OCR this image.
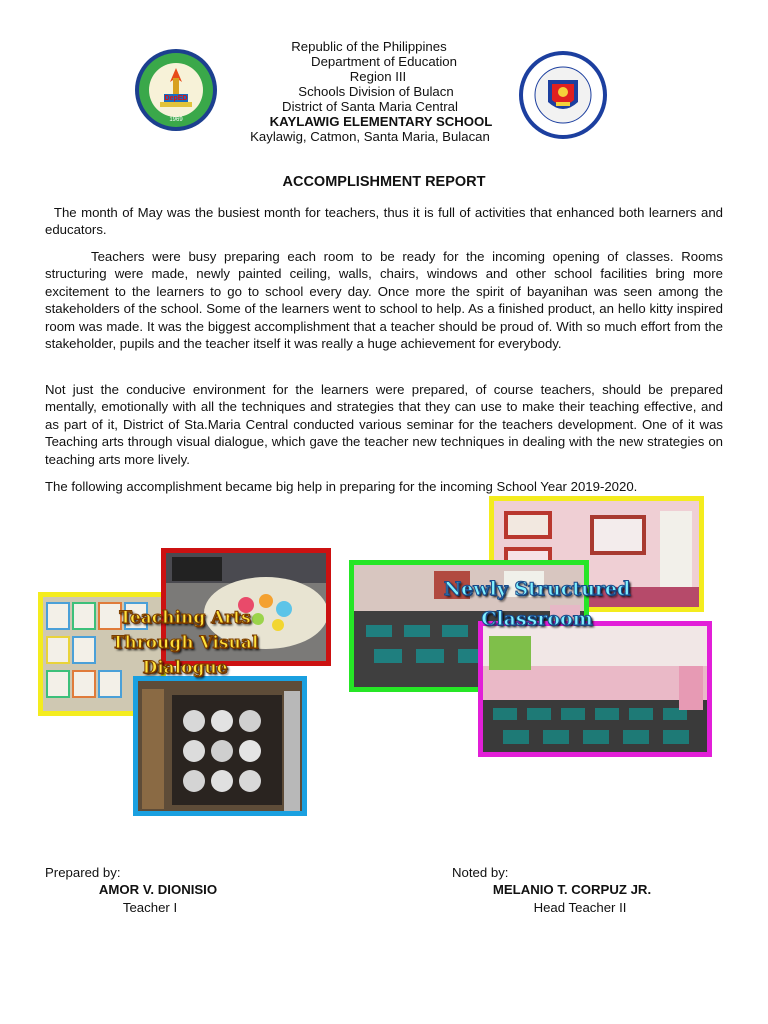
DepED
1969
Republic of the Philippines
Department of Education
Region III
Schools Division of Bulacn
District of Santa Maria Central
KAYLAWIG ELEMENTARY SCHOOL
Kaylawig, Catmon, Santa Maria, Bulacan
ACCOMPLISHMENT REPORT

The month of May was the busiest month for teachers, thus it is full of activities that enhanced both learners and educators.

Teachers were busy preparing each room to be ready for the incoming opening of classes. Rooms structuring were made, newly painted ceiling, walls, chairs, windows and other school facilities bring more excitement to the learners to go to school every day. Once more the spirit of bayanihan was seen among the stakeholders of the school. Some of the learners went to school to help. As a finished product, an hello kitty inspired room was made. It was the biggest accomplishment that a teacher should be proud of. With so much effort from the stakeholder, pupils and the teacher itself it was really a huge achievement for everybody.

Not just the conducive environment for the learners were prepared, of course teachers, should be prepared mentally, emotionally with all the techniques and strategies that they can use to make their teaching effective, and as part of it, District of Sta.Maria Central conducted various seminar for the teachers development. One of it was Teaching arts through visual dialogue, which gave the teacher new techniques in dealing with the new strategies on teaching arts more lively.

The following accomplishment became big help in preparing for the incoming School Year 2019-2020.

Teaching Arts
Through Visual
Dialogue
Newly Structured
Classroom
Prepared by:
AMOR V. DIONISIO
Teacher I
Noted by:
MELANIO T. CORPUZ JR.
Head Teacher II
